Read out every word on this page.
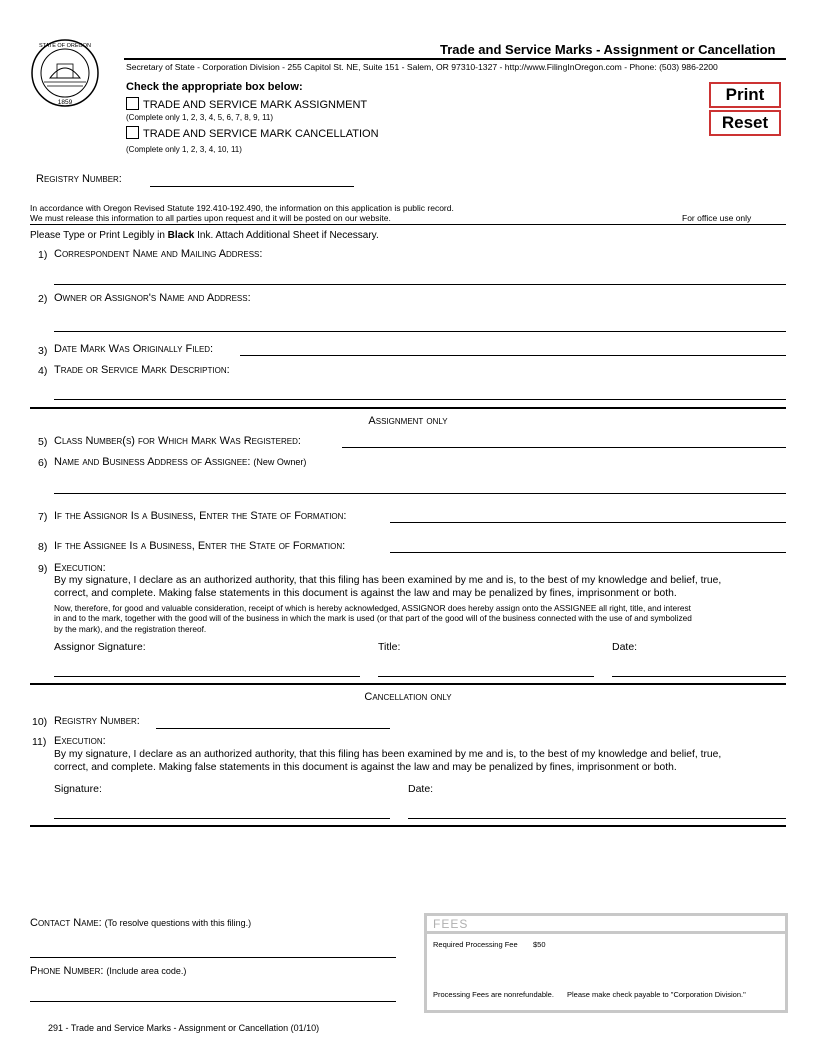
STATE OF OREGON
1859
Trade and Service Marks - Assignment or Cancellation
Secretary of State - Corporation Division - 255 Capitol St. NE, Suite 151 - Salem, OR 97310-1327 - http://www.FilingInOregon.com - Phone: (503) 986-2200
Check the appropriate box below:
TRADE AND SERVICE MARK ASSIGNMENT
(Complete only 1, 2, 3, 4, 5, 6, 7, 8, 9, 11)
TRADE AND SERVICE MARK CANCELLATION
(Complete only 1, 2, 3, 4, 10, 11)
Print
Reset
Registry Number:
In accordance with Oregon Revised Statute 192.410-192.490, the information on this application is public record.
We must release this information to all parties upon request and it will be posted on our website.	For office use only
Please Type or Print Legibly in Black Ink. Attach Additional Sheet if Necessary.
1) Correspondent Name and Mailing Address:
2) Owner or Assignor's Name and Address:
3) Date Mark Was Originally Filed:
4) Trade or Service Mark Description:
Assignment only
5) Class Number(s) for Which Mark Was Registered:
6) Name and Business Address of Assignee: (New Owner)
7) If the Assignor Is a Business, Enter the State of Formation:
8) If the Assignee Is a Business, Enter the State of Formation:
9) Execution:
By my signature, I declare as an authorized authority, that this filing has been examined by me and is, to the best of my knowledge and belief, true,
correct, and complete. Making false statements in this document is against the law and may be penalized by fines, imprisonment or both.
Now, therefore, for good and valuable consideration, receipt of which is hereby acknowledged, ASSIGNOR does hereby assign onto the ASSIGNEE all right, title, and interest
in and to the mark, together with the good will of the business in which the mark is used (or that part of the good will of the business connected with the use of and symbolized
by the mark), and the registration thereof.
Assignor Signature:	Title:	Date:
Cancellation only
10) Registry Number:
11) Execution:
By my signature, I declare as an authorized authority, that this filing has been examined by me and is, to the best of my knowledge and belief, true,
correct, and complete. Making false statements in this document is against the law and may be penalized by fines, imprisonment or both.
Signature:	Date:
Contact Name: (To resolve questions with this filing.)
Phone Number: (Include area code.)
FEES
Required Processing Fee $50
Processing Fees are nonrefundable. Please make check payable to "Corporation Division."
291 - Trade and Service Marks - Assignment or Cancellation (01/10)
